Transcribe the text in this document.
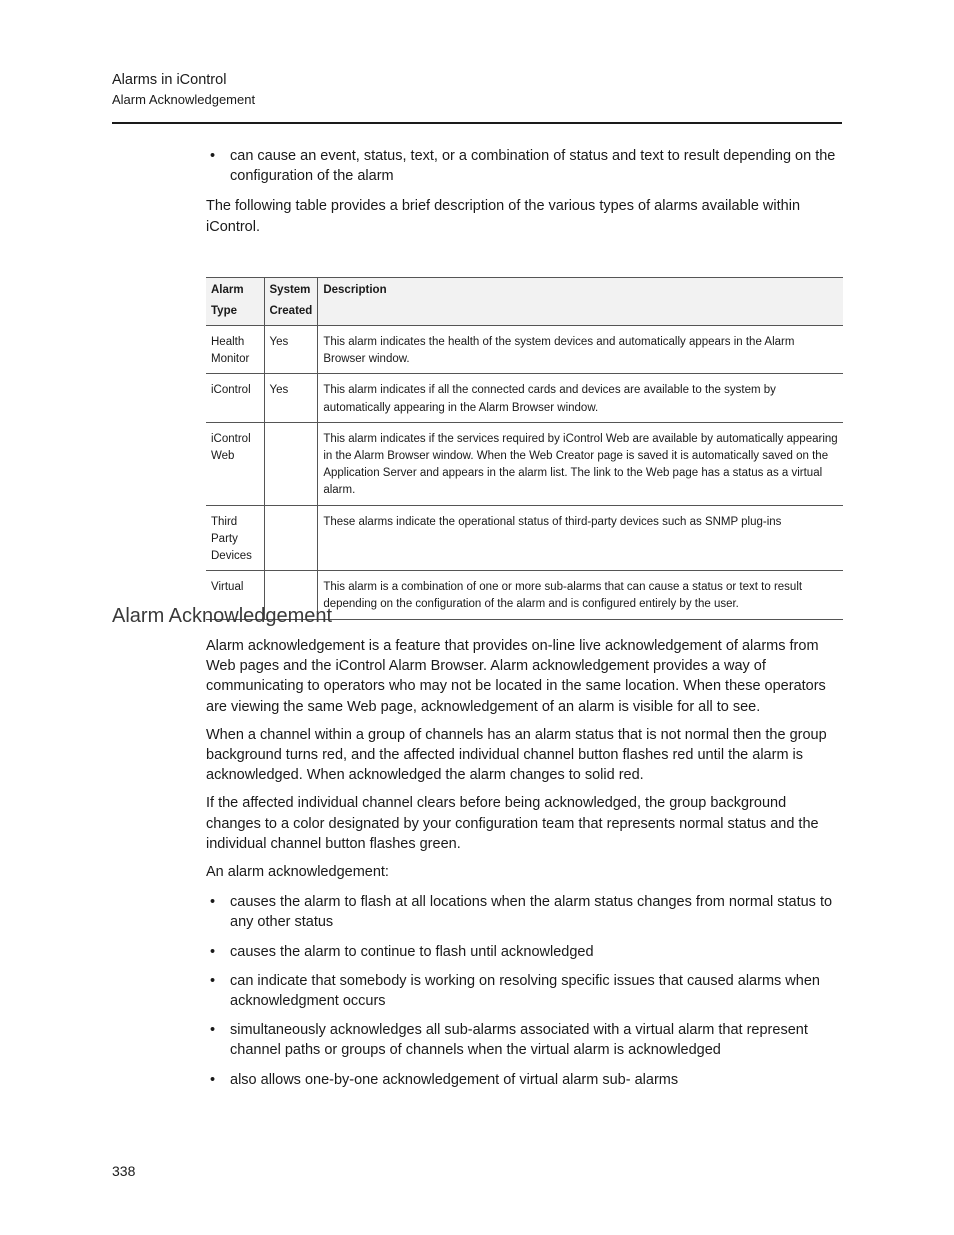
Alarms in iControl
Alarm Acknowledgement
• can cause an event, status, text, or a combination of status and text to result depending on the configuration of the alarm

The following table provides a brief description of the various types of alarms available within iControl.

Alarm Type	System Created	Description
Health Monitor	Yes	This alarm indicates the health of the system devices and automatically appears in the Alarm Browser window.
iControl	Yes	This alarm indicates if all the connected cards and devices are available to the system by automatically appearing in the Alarm Browser window.
iControl Web		This alarm indicates if the services required by iControl Web are available by automatically appearing in the Alarm Browser window. When the Web Creator page is saved it is automatically saved on the Application Server and appears in the alarm list. The link to the Web page has a status as a virtual alarm.
Third Party Devices		These alarms indicate the operational status of third-party devices such as SNMP plug-ins
Virtual		This alarm is a combination of one or more sub-alarms that can cause a status or text to result depending on the configuration of the alarm and is configured entirely by the user.
Alarm Acknowledgement

Alarm acknowledgement is a feature that provides on-line live acknowledgement of alarms from Web pages and the iControl Alarm Browser. Alarm acknowledgement provides a way of communicating to operators who may not be located in the same location. When these operators are viewing the same Web page, acknowledgement of an alarm is visible for all to see.

When a channel within a group of channels has an alarm status that is not normal then the group background turns red, and the affected individual channel button flashes red until the alarm is acknowledged. When acknowledged the alarm changes to solid red.

If the affected individual channel clears before being acknowledged, the group background changes to a color designated by your configuration team that represents normal status and the individual channel button flashes green.

An alarm acknowledgement:

• causes the alarm to flash at all locations when the alarm status changes from normal status to any other status
• causes the alarm to continue to flash until acknowledged
• can indicate that somebody is working on resolving specific issues that caused alarms when acknowledgment occurs
• simultaneously acknowledges all sub-alarms associated with a virtual alarm that represent channel paths or groups of channels when the virtual alarm is acknowledged
• also allows one-by-one acknowledgement of virtual alarm sub- alarms
338
